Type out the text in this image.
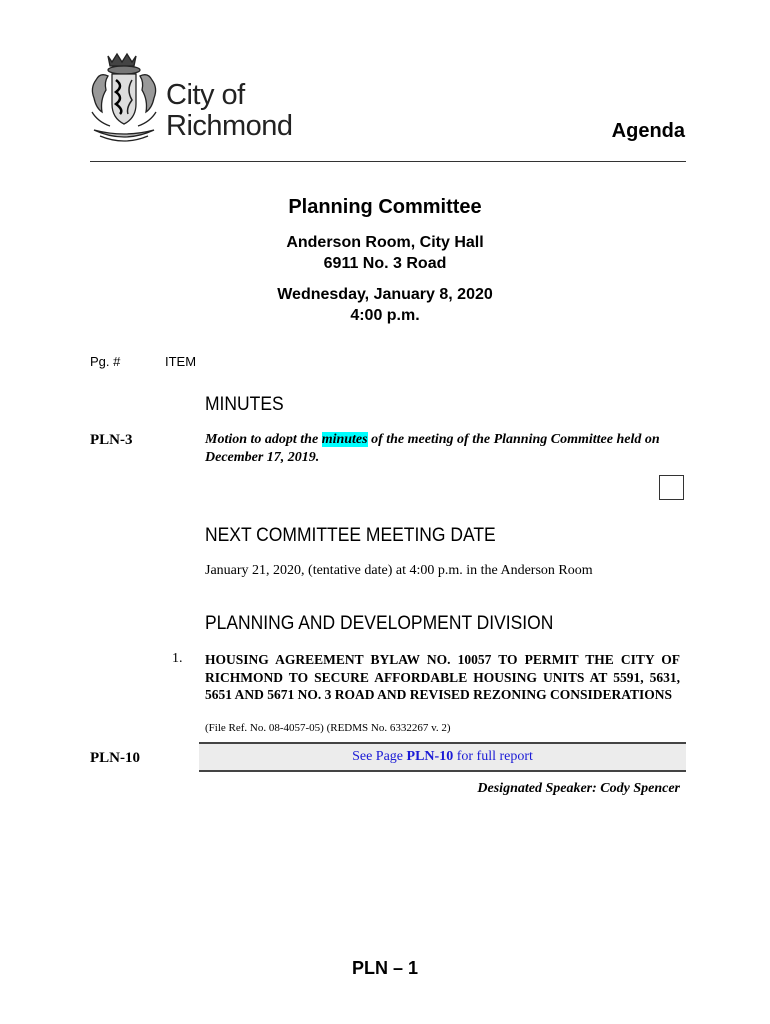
City of
Richmond	Agenda
Planning Committee
Anderson Room, City Hall
6911 No. 3 Road
Wednesday, January 8, 2020
4:00 p.m.
Pg. #	ITEM
MINUTES
PLN-3	Motion to adopt the minutes of the meeting of the Planning Committee held on December 17, 2019.
NEXT COMMITTEE MEETING DATE
January 21, 2020, (tentative date) at 4:00 p.m. in the Anderson Room
PLANNING AND DEVELOPMENT DIVISION
1. HOUSING AGREEMENT BYLAW NO. 10057 TO PERMIT THE CITY OF RICHMOND TO SECURE AFFORDABLE HOUSING UNITS AT 5591, 5631, 5651 AND 5671 NO. 3 ROAD AND REVISED REZONING CONSIDERATIONS
(File Ref. No. 08-4057-05) (REDMS No. 6332267 v. 2)
PLN-10	See Page PLN-10 for full report
Designated Speaker: Cody Spencer
PLN – 1
